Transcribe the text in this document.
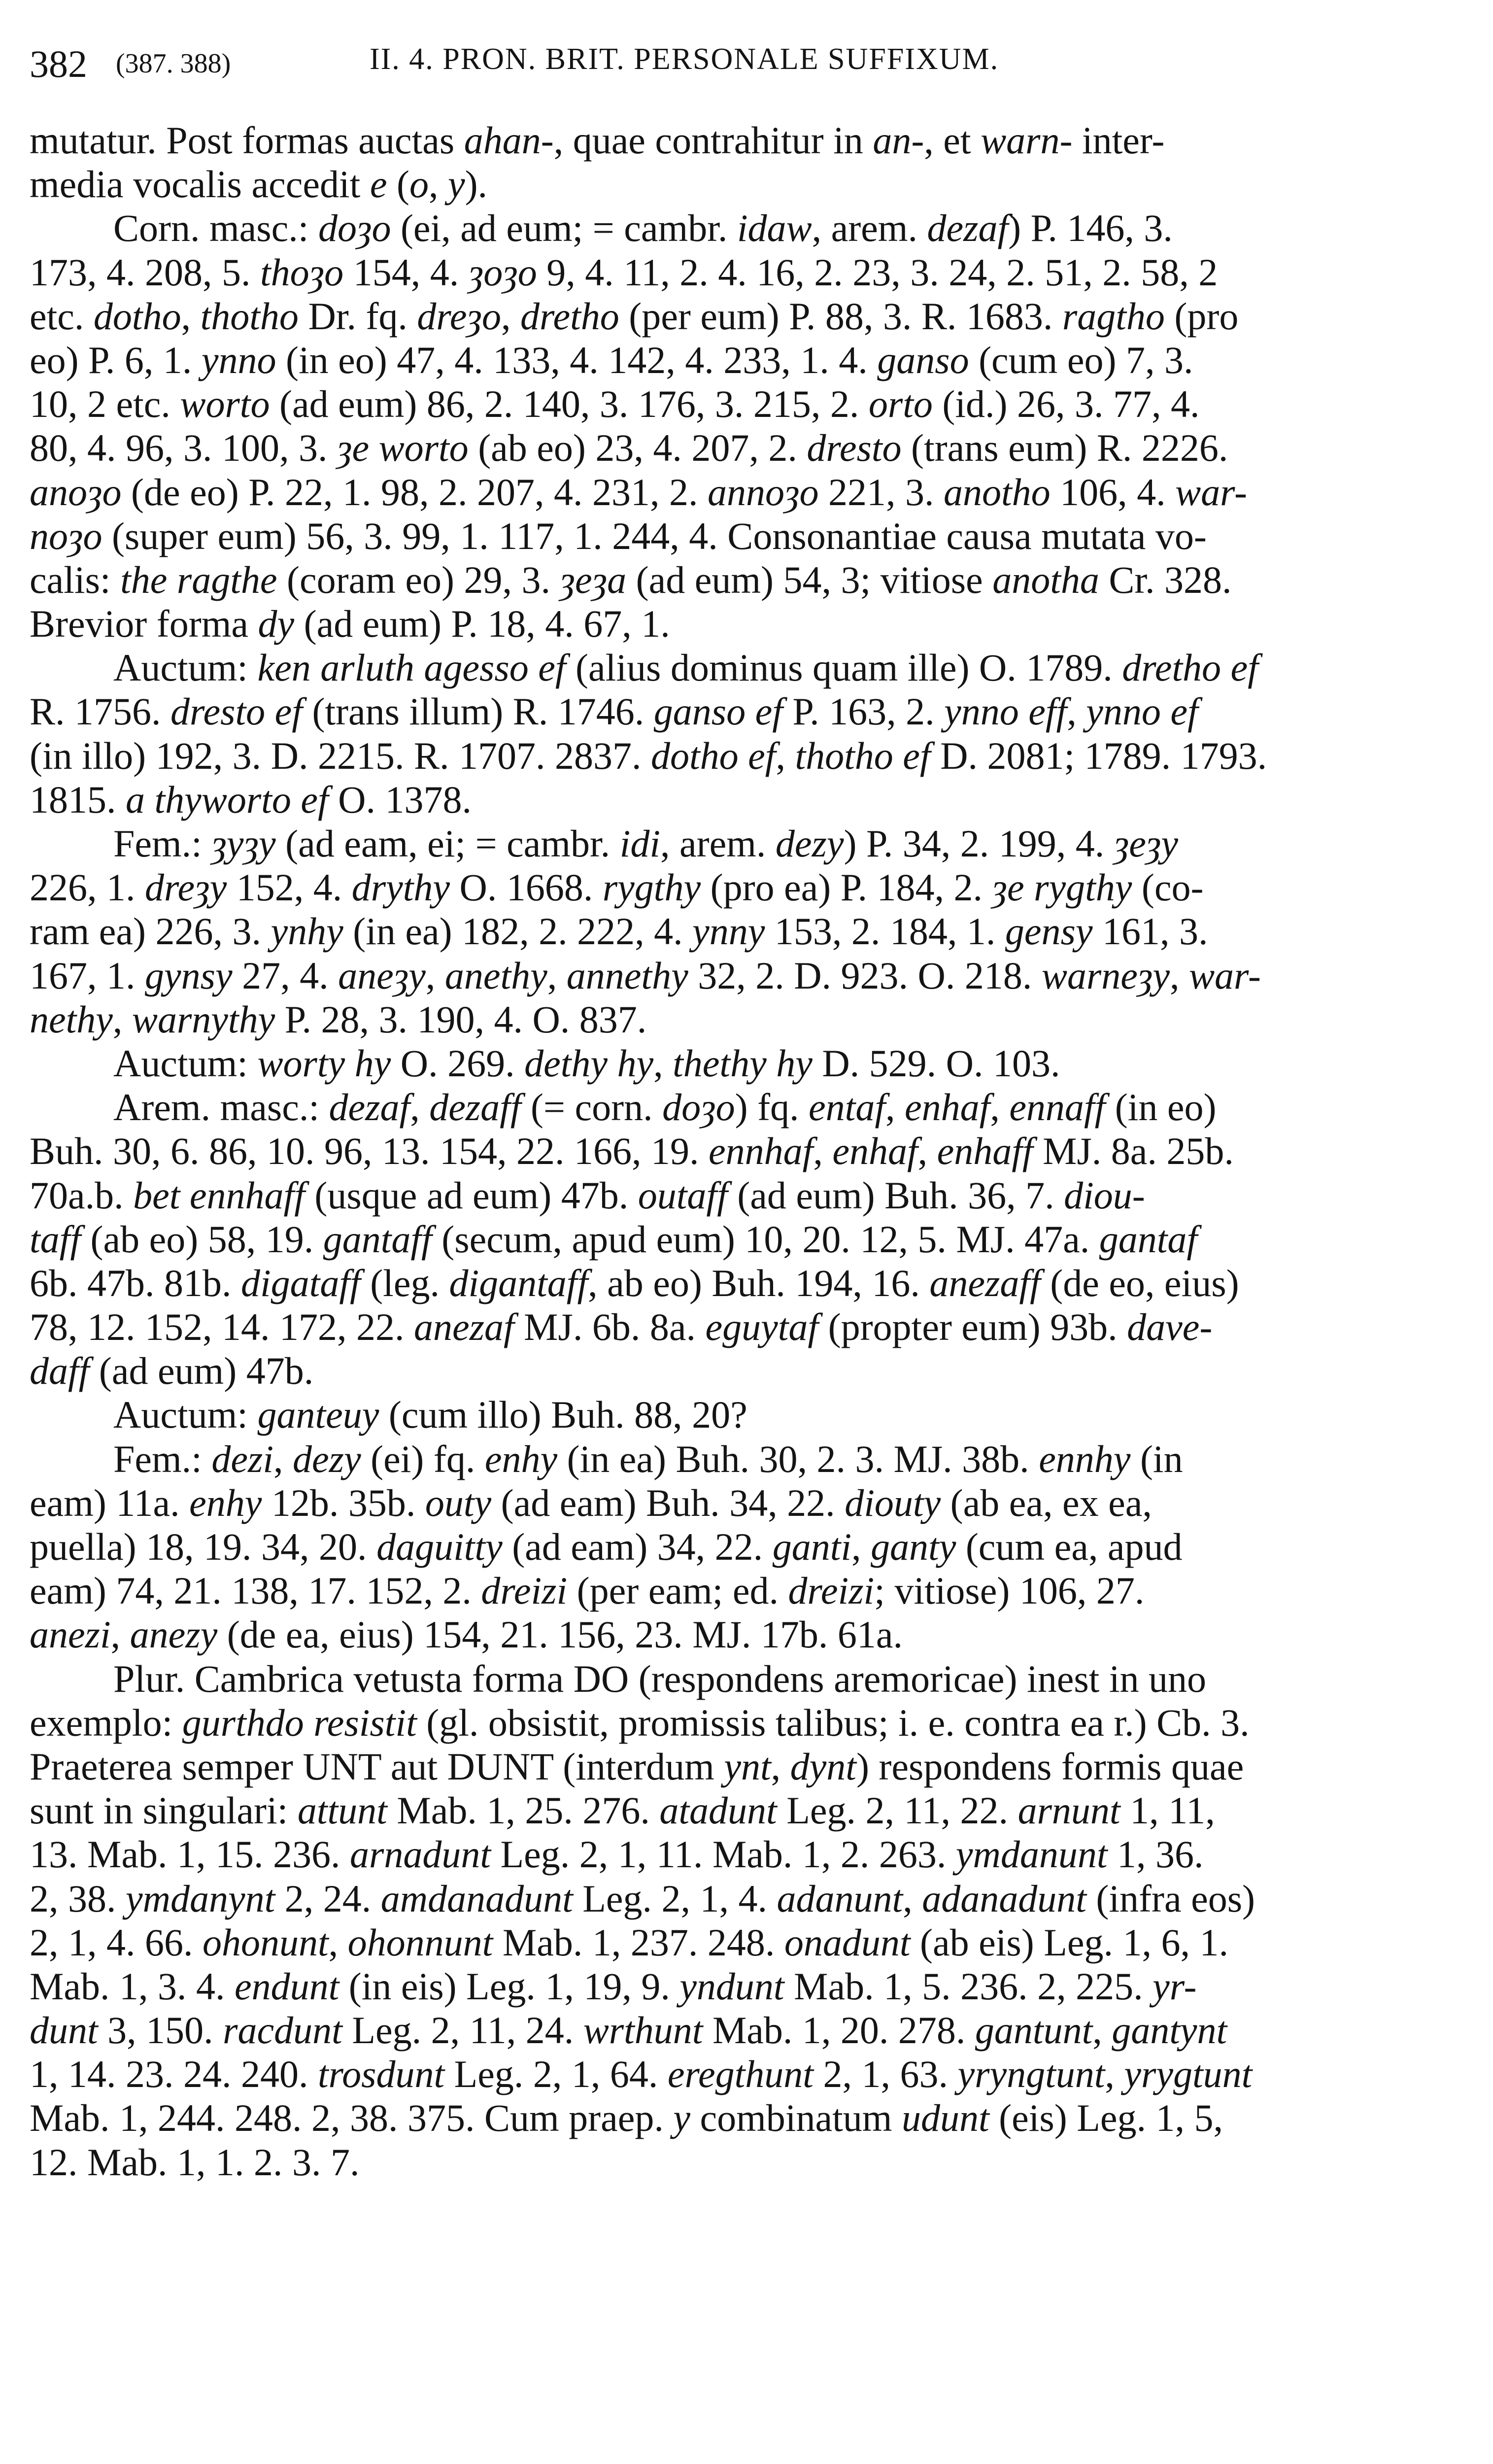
382 (387. 388)	II. 4. PRON. BRIT. PERSONALE SUFFIXUM.
mutatur. Post formas auctas ahan-, quae contrahitur in an-, et warn- inter-
media vocalis accedit e (o, y).
Corn. masc.: doȝo (ei, ad eum; = cambr. idaw, arem. dezaf) P. 146, 3.
173, 4. 208, 5. thoȝo 154, 4. ȝoȝo 9, 4. 11, 2. 4. 16, 2. 23, 3. 24, 2. 51, 2. 58, 2
etc. dotho, thotho Dr. fq. dreȝo, dretho (per eum) P. 88, 3. R. 1683. ragtho (pro
eo) P. 6, 1. ynno (in eo) 47, 4. 133, 4. 142, 4. 233, 1. 4. ganso (cum eo) 7, 3.
10, 2 etc. worto (ad eum) 86, 2. 140, 3. 176, 3. 215, 2. orto (id.) 26, 3. 77, 4.
80, 4. 96, 3. 100, 3. ȝe worto (ab eo) 23, 4. 207, 2. dresto (trans eum) R. 2226.
anoȝo (de eo) P. 22, 1. 98, 2. 207, 4. 231, 2. annoȝo 221, 3. anotho 106, 4. war-
noȝo (super eum) 56, 3. 99, 1. 117, 1. 244, 4. Consonantiae causa mutata vo-
calis: the ragthe (coram eo) 29, 3. ȝeȝa (ad eum) 54, 3; vitiose anotha Cr. 328.
Brevior forma dy (ad eum) P. 18, 4. 67, 1.
Auctum: ken arluth agesso ef (alius dominus quam ille) O. 1789. dretho ef
R. 1756. dresto ef (trans illum) R. 1746. ganso ef P. 163, 2. ynno eff, ynno ef
(in illo) 192, 3. D. 2215. R. 1707. 2837. dotho ef, thotho ef D. 2081; 1789. 1793.
1815. a thyworto ef O. 1378.
Fem.: ȝyȝy (ad eam, ei; = cambr. idi, arem. dezy) P. 34, 2. 199, 4. ȝeȝy
226, 1. dreȝy 152, 4. drythy O. 1668. rygthy (pro ea) P. 184, 2. ȝe rygthy (co-
ram ea) 226, 3. ynhy (in ea) 182, 2. 222, 4. ynny 153, 2. 184, 1. gensy 161, 3.
167, 1. gynsy 27, 4. aneȝy, anethy, annethy 32, 2. D. 923. O. 218. warneȝy, war-
nethy, warnythy P. 28, 3. 190, 4. O. 837.
Auctum: worty hy O. 269. dethy hy, thethy hy D. 529. O. 103.
Arem. masc.: dezaf, dezaff (= corn. doȝo) fq. entaf, enhaf, ennaff (in eo)
Buh. 30, 6. 86, 10. 96, 13. 154, 22. 166, 19. ennhaf, enhaf, enhaff MJ. 8a. 25b.
70a.b. bet ennhaff (usque ad eum) 47b. outaff (ad eum) Buh. 36, 7. diou-
taff (ab eo) 58, 19. gantaff (secum, apud eum) 10, 20. 12, 5. MJ. 47a. gantaf
6b. 47b. 81b. digataff (leg. digantaff, ab eo) Buh. 194, 16. anezaff (de eo, eius)
78, 12. 152, 14. 172, 22. anezaf MJ. 6b. 8a. eguytaf (propter eum) 93b. dave-
daff (ad eum) 47b.
Auctum: ganteuy (cum illo) Buh. 88, 20?
Fem.: dezi, dezy (ei) fq. enhy (in ea) Buh. 30, 2. 3. MJ. 38b. ennhy (in
eam) 11a. enhy 12b. 35b. outy (ad eam) Buh. 34, 22. diouty (ab ea, ex ea,
puella) 18, 19. 34, 20. daguitty (ad eam) 34, 22. ganti, ganty (cum ea, apud
eam) 74, 21. 138, 17. 152, 2. dreizi (per eam; ed. dreizi; vitiose) 106, 27.
anezi, anezy (de ea, eius) 154, 21. 156, 23. MJ. 17b. 61a.
Plur. Cambrica vetusta forma DO (respondens aremoricae) inest in uno
exemplo: gurthdo resistit (gl. obsistit, promissis talibus; i. e. contra ea r.) Cb. 3.
Praeterea semper UNT aut DUNT (interdum ynt, dynt) respondens formis quae
sunt in singulari: attunt Mab. 1, 25. 276. atadunt Leg. 2, 11, 22. arnunt 1, 11,
13. Mab. 1, 15. 236. arnadunt Leg. 2, 1, 11. Mab. 1, 2. 263. ymdanunt 1, 36.
2, 38. ymdanynt 2, 24. amdanadunt Leg. 2, 1, 4. adanunt, adanadunt (infra eos)
2, 1, 4. 66. ohonunt, ohonnunt Mab. 1, 237. 248. onadunt (ab eis) Leg. 1, 6, 1.
Mab. 1, 3. 4. endunt (in eis) Leg. 1, 19, 9. yndunt Mab. 1, 5. 236. 2, 225. yr-
dunt 3, 150. racdunt Leg. 2, 11, 24. wrthunt Mab. 1, 20. 278. gantunt, gantynt
1, 14. 23. 24. 240. trosdunt Leg. 2, 1, 64. eregthunt 2, 1, 63. yryngtunt, yrygtunt
Mab. 1, 244. 248. 2, 38. 375. Cum praep. y combinatum udunt (eis) Leg. 1, 5,
12. Mab. 1, 1. 2. 3. 7.
